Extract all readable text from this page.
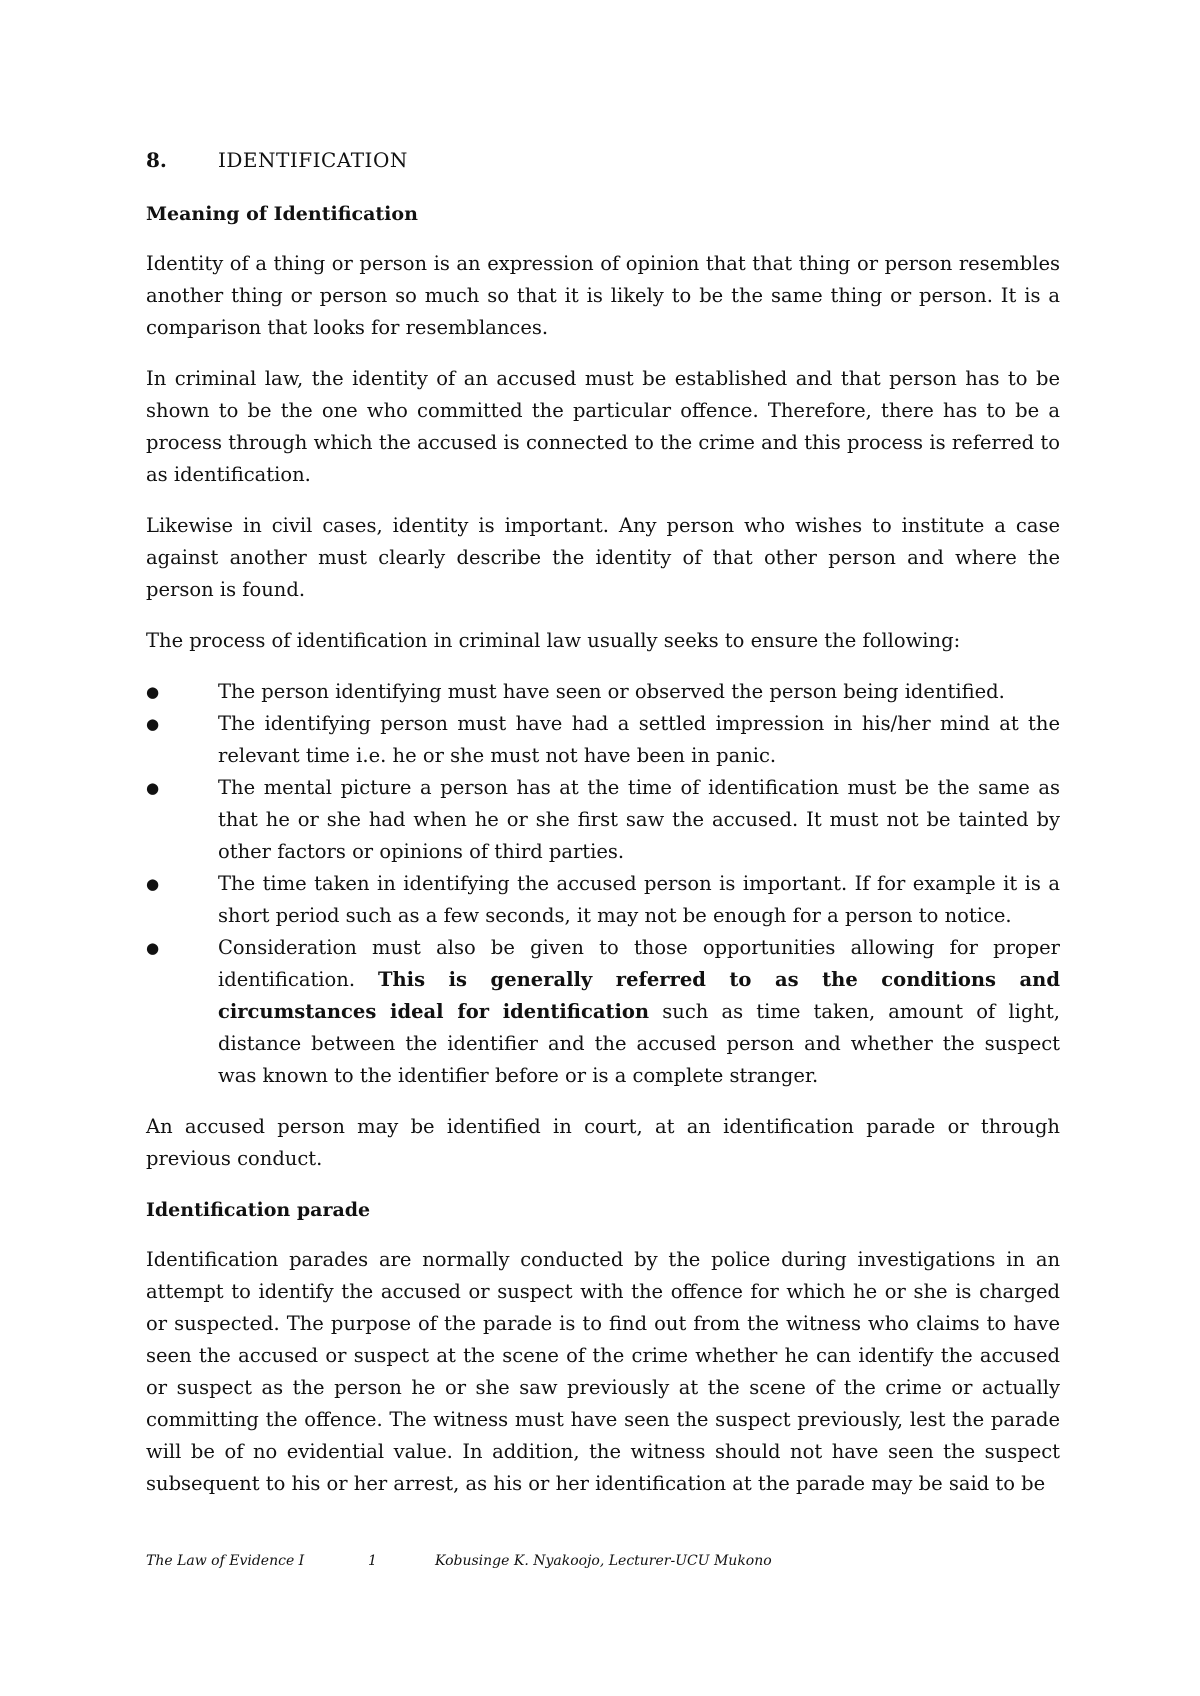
8.	IDENTIFICATION
Meaning of Identification

Identity of a thing or person is an expression of opinion that that thing or person resembles another thing or person so much so that it is likely to be the same thing or person. It is a comparison that looks for resemblances.

In criminal law, the identity of an accused must be established and that person has to be shown to be the one who committed the particular offence. Therefore, there has to be a process through which the accused is connected to the crime and this process is referred to as identification.

Likewise in civil cases, identity is important. Any person who wishes to institute a case against another must clearly describe the identity of that other person and where the person is found.

The process of identification in criminal law usually seeks to ensure the following:

●	The person identifying must have seen or observed the person being identified.
●	The identifying person must have had a settled impression in his/her mind at the relevant time i.e. he or she must not have been in panic.
●	The mental picture a person has at the time of identification must be the same as that he or she had when he or she first saw the accused. It must not be tainted by other factors or opinions of third parties.
●	The time taken in identifying the accused person is important. If for example it is a short period such as a few seconds, it may not be enough for a person to notice.
●	Consideration must also be given to those opportunities allowing for proper identification. This is generally referred to as the conditions and circumstances ideal for identification such as time taken, amount of light, distance between the identifier and the accused person and whether the suspect was known to the identifier before or is a complete stranger.

An accused person may be identified in court, at an identification parade or through previous conduct.

Identification parade

Identification parades are normally conducted by the police during investigations in an attempt to identify the accused or suspect with the offence for which he or she is charged or suspected. The purpose of the parade is to find out from the witness who claims to have seen the accused or suspect at the scene of the crime whether he can identify the accused or suspect as the person he or she saw previously at the scene of the crime or actually committing the offence. The witness must have seen the suspect previously, lest the parade will be of no evidential value. In addition, the witness should not have seen the suspect subsequent to his or her arrest, as his or her identification at the parade may be said to be

The Law of Evidence I	1	Kobusinge K. Nyakoojo, Lecturer-UCU Mukono
